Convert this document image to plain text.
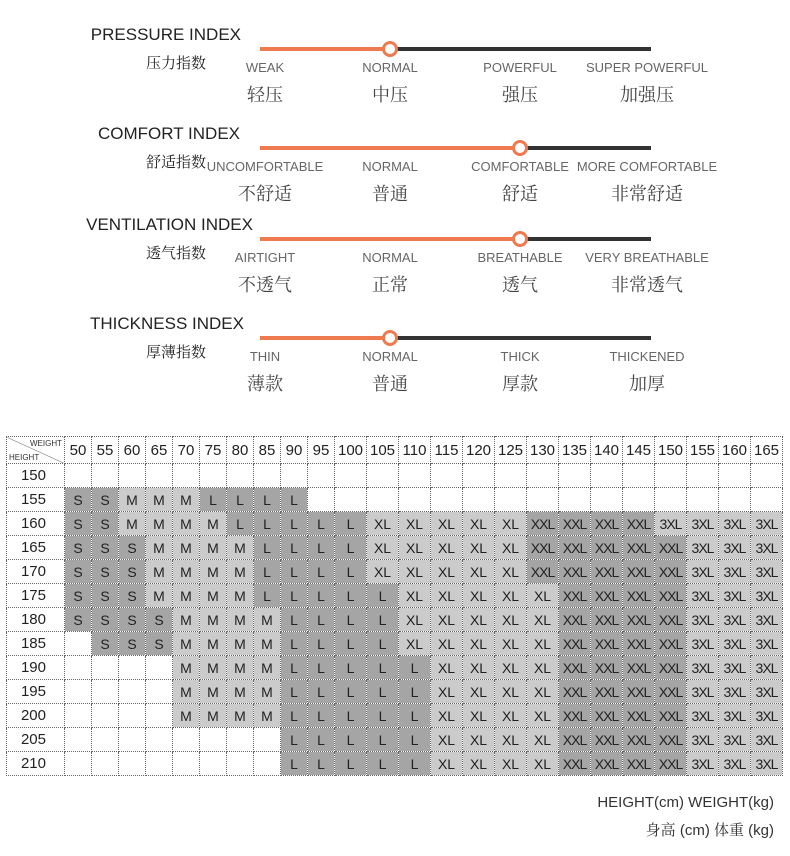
PRESSURE INDEX
压力指数	WEAK
轻压
NORMAL
中压
POWERFUL
强压
SUPER POWERFUL
加强压
COMFORT INDEX
舒适指数 UNCOMFORTABLE
不舒适
NORMAL
普通
COMFORTABLE
舒适
MORE COMFORTABLE
非常舒适
VENTILATION INDEX
透气指数 AIRTIGHT
不透气
NORMAL
正常
BREATHABLE
透气
VERY BREATHABLE
非常透气
THICKNESS INDEX
厚薄指数	THIN
薄款
NORMAL
普通
THICK
厚款
THICKENED
加厚
WEIGHT
HEIGHT	50	55	60	65	70	75	80	85	90	95	100	105	110	115	120	125	130	135	140	145	150	155	160	165
150																								
155	S	S	M	M	M	L	L	L	L															
160	S	S	M	M	M	M	L	L	L	L	L	XL	XL	XL	XL	XL	XXL	XXL	XXL	XXL	3XL	3XL	3XL	3XL
165	S	S	S	M	M	M	M	L	L	L	L	XL	XL	XL	XL	XL	XXL	XXL	XXL	XXL	XXL	3XL	3XL	3XL
170	S	S	S	M	M	M	M	L	L	L	L	XL	XL	XL	XL	XL	XXL	XXL	XXL	XXL	XXL	3XL	3XL	3XL
175	S	S	S	M	M	M	M	L	L	L	L	L	XL	XL	XL	XL	XL	XXL	XXL	XXL	XXL	3XL	3XL	3XL
180	S	S	S	S	M	M	M	M	L	L	L	L	XL	XL	XL	XL	XL	XXL	XXL	XXL	XXL	3XL	3XL	3XL
185		S	S	S	M	M	M	M	L	L	L	L	XL	XL	XL	XL	XL	XXL	XXL	XXL	XXL	3XL	3XL	3XL
190					M	M	M	M	L	L	L	L	L	XL	XL	XL	XL	XXL	XXL	XXL	XXL	3XL	3XL	3XL
195					M	M	M	M	L	L	L	L	L	XL	XL	XL	XL	XXL	XXL	XXL	XXL	3XL	3XL	3XL
200					M	M	M	M	L	L	L	L	L	XL	XL	XL	XL	XXL	XXL	XXL	XXL	3XL	3XL	3XL
205									L	L	L	L	L	XL	XL	XL	XL	XXL	XXL	XXL	XXL	3XL	3XL	3XL
210									L	L	L	L	L	XL	XL	XL	XL	XXL	XXL	XXL	XXL	3XL	3XL	3XL
HEIGHT(cm) WEIGHT(kg)
身高 (cm) 体重 (kg)
